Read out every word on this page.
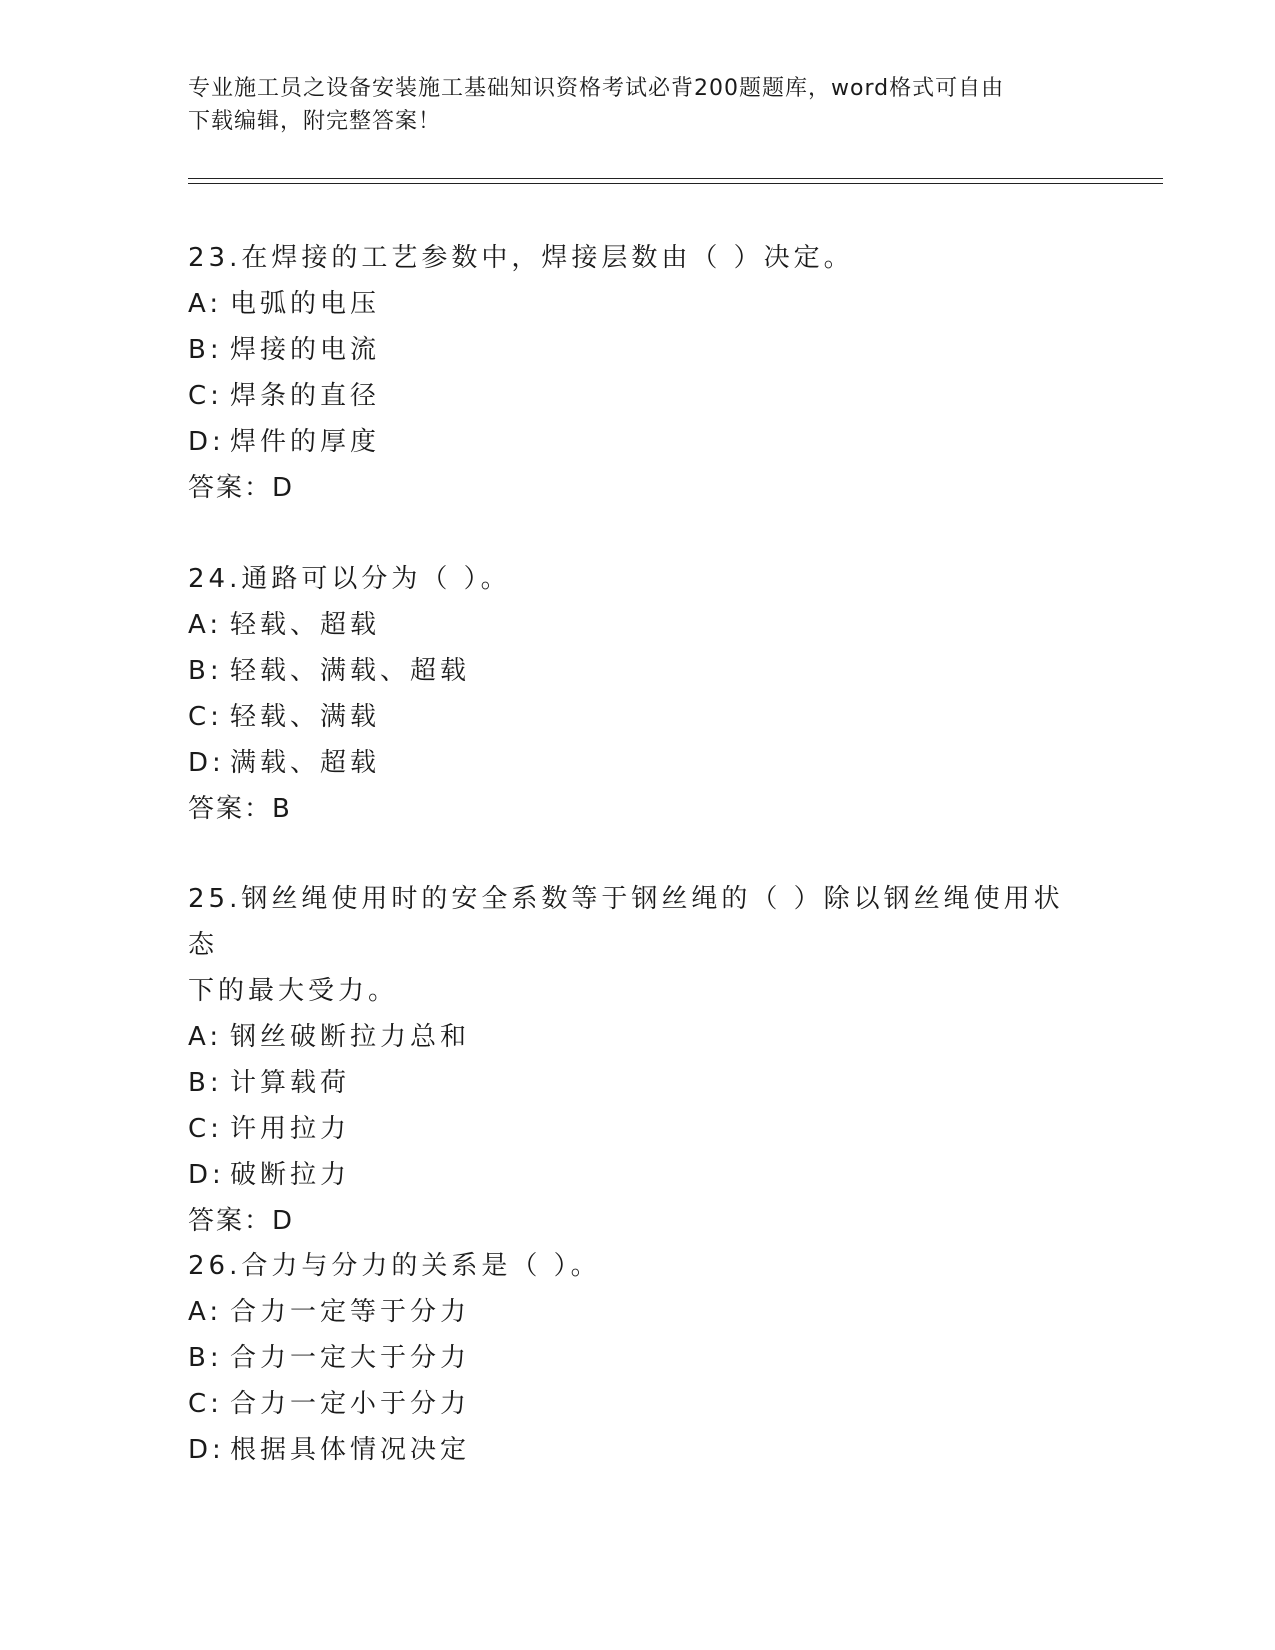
专业施工员之设备安装施工基础知识资格考试必背200题题库，word格式可自由
下载编辑，附完整答案！

23.在焊接的工艺参数中，焊接层数由（ ）决定。

A: 电弧的电压
B: 焊接的电流
C: 焊条的直径
D: 焊件的厚度
答案：D

24.通路可以分为（ ）。

A: 轻载、超载
B: 轻载、满载、超载
C: 轻载、满载
D: 满载、超载
答案：B

25.钢丝绳使用时的安全系数等于钢丝绳的（ ）除以钢丝绳使用状态

下的最大受力。

A: 钢丝破断拉力总和
B: 计算载荷
C: 许用拉力
D: 破断拉力
答案：D

26.合力与分力的关系是（ ）。

A: 合力一定等于分力
B: 合力一定大于分力
C: 合力一定小于分力
D: 根据具体情况决定
